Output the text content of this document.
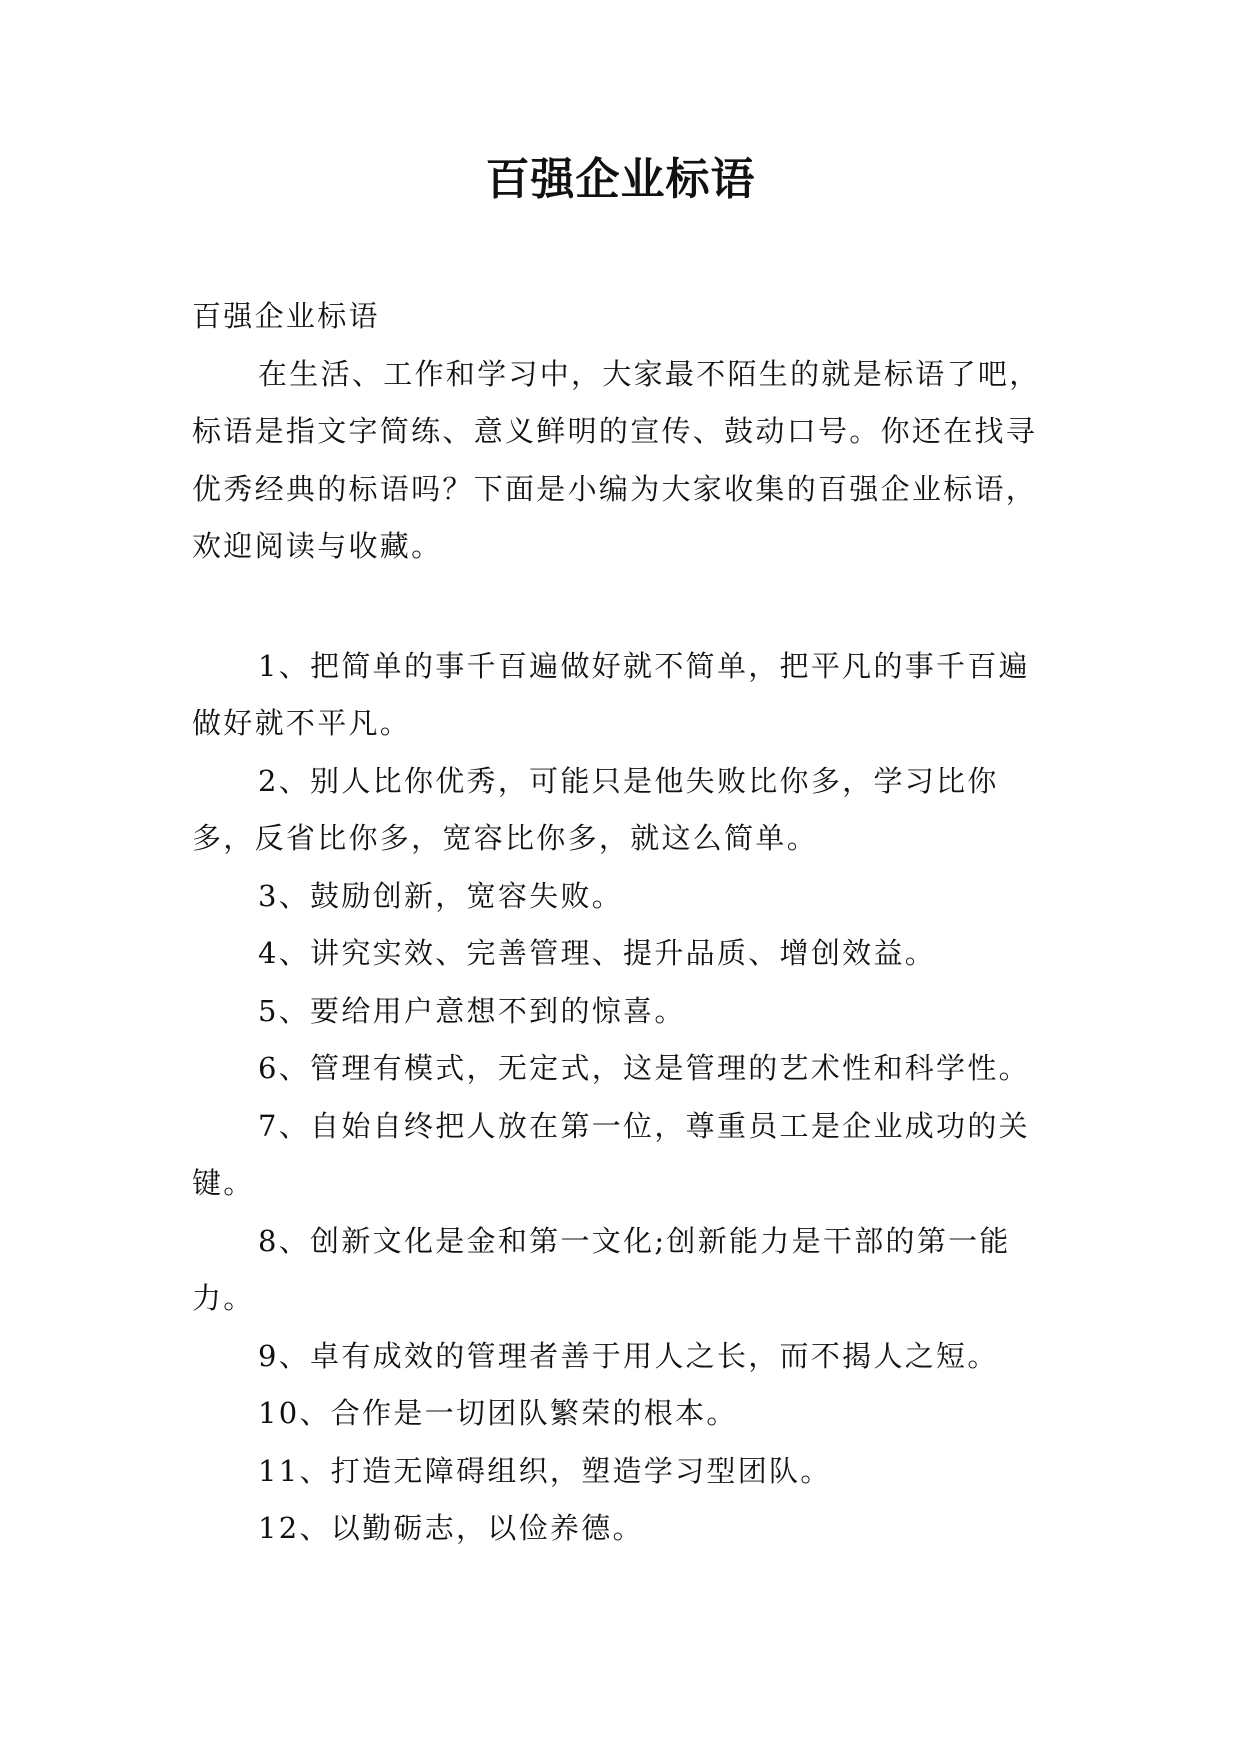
百强企业标语

百强企业标语

在生活、工作和学习中，大家最不陌生的就是标语了吧，标语是指文字简练、意义鲜明的宣传、鼓动口号。你还在找寻优秀经典的标语吗？下面是小编为大家收集的百强企业标语，欢迎阅读与收藏。

1、把简单的事千百遍做好就不简单，把平凡的事千百遍做好就不平凡。

2、别人比你优秀，可能只是他失败比你多，学习比你多，反省比你多，宽容比你多，就这么简单。

3、鼓励创新，宽容失败。

4、讲究实效、完善管理、提升品质、增创效益。

5、要给用户意想不到的惊喜。

6、管理有模式，无定式，这是管理的艺术性和科学性。

7、自始自终把人放在第一位，尊重员工是企业成功的关键。

8、创新文化是金和第一文化;创新能力是干部的第一能力。

9、卓有成效的管理者善于用人之长，而不揭人之短。

10、合作是一切团队繁荣的根本。

11、打造无障碍组织，塑造学习型团队。

12、以勤砺志，以俭养德。
